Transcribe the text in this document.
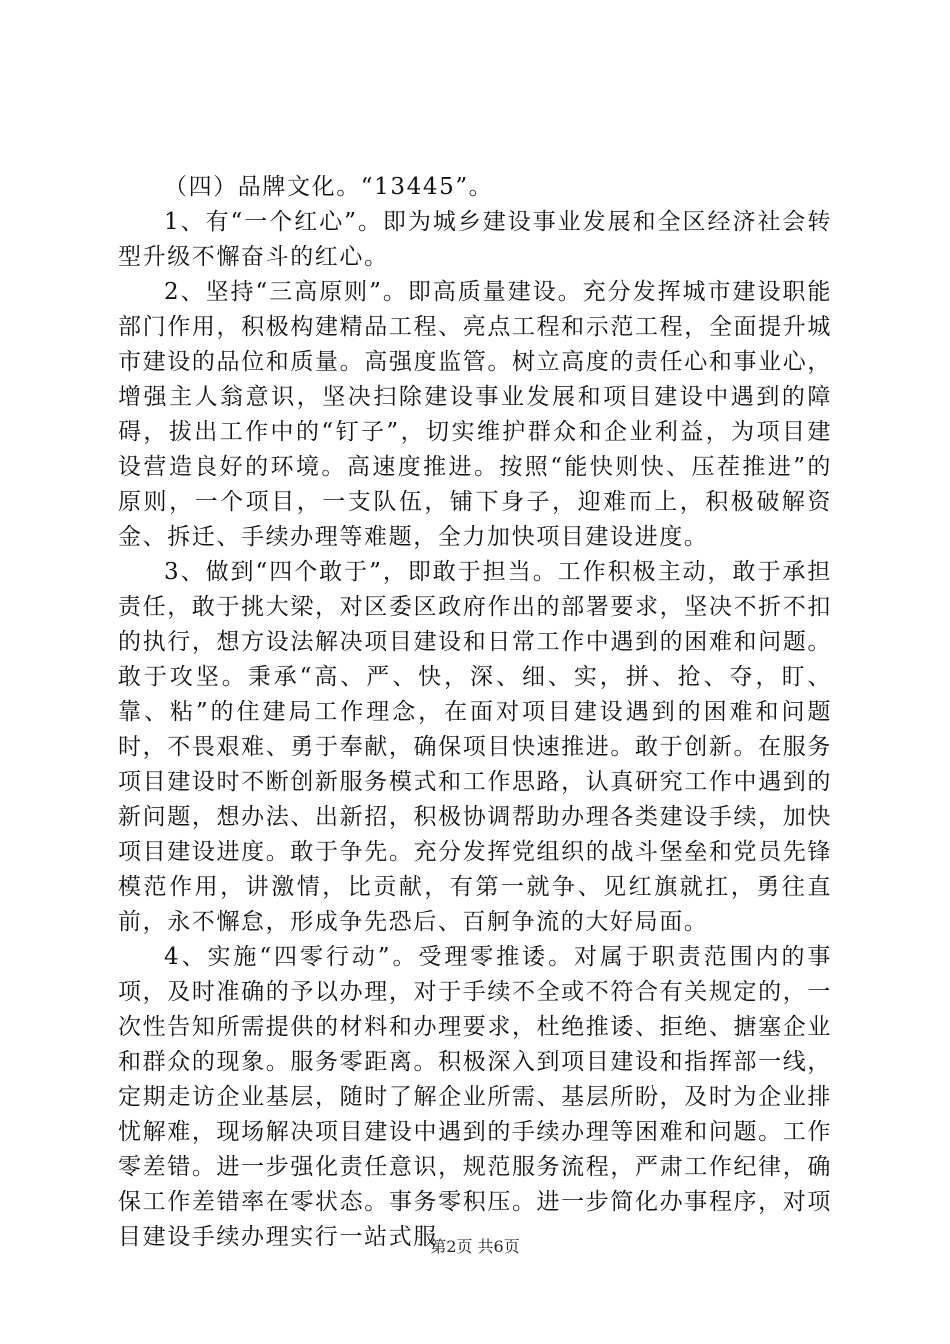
（四）品牌文化。“13445”。

1、有“一个红心”。即为城乡建设事业发展和全区经济社会转型升级不懈奋斗的红心。

2、坚持“三高原则”。即高质量建设。充分发挥城市建设职能部门作用，积极构建精品工程、亮点工程和示范工程，全面提升城市建设的品位和质量。高强度监管。树立高度的责任心和事业心，增强主人翁意识，坚决扫除建设事业发展和项目建设中遇到的障碍，拔出工作中的“钉子”，切实维护群众和企业利益，为项目建设营造良好的环境。高速度推进。按照“能快则快、压茬推进”的原则，一个项目，一支队伍，铺下身子，迎难而上，积极破解资金、拆迁、手续办理等难题，全力加快项目建设进度。

3、做到“四个敢于”，即敢于担当。工作积极主动，敢于承担责任，敢于挑大梁，对区委区政府作出的部署要求，坚决不折不扣的执行，想方设法解决项目建设和日常工作中遇到的困难和问题。敢于攻坚。秉承“高、严、快，深、细、实，拼、抢、夺，盯、靠、粘”的住建局工作理念，在面对项目建设遇到的困难和问题时，不畏艰难、勇于奉献，确保项目快速推进。敢于创新。在服务项目建设时不断创新服务模式和工作思路，认真研究工作中遇到的新问题，想办法、出新招，积极协调帮助办理各类建设手续，加快项目建设进度。敢于争先。充分发挥党组织的战斗堡垒和党员先锋模范作用，讲激情，比贡献，有第一就争、见红旗就扛，勇往直前，永不懈怠，形成争先恐后、百舸争流的大好局面。

4、实施“四零行动”。受理零推诿。对属于职责范围内的事项，及时准确的予以办理，对于手续不全或不符合有关规定的，一次性告知所需提供的材料和办理要求，杜绝推诿、拒绝、搪塞企业和群众的现象。服务零距离。积极深入到项目建设和指挥部一线，定期走访企业基层，随时了解企业所需、基层所盼，及时为企业排忧解难，现场解决项目建设中遇到的手续办理等困难和问题。工作零差错。进一步强化责任意识，规范服务流程，严肃工作纪律，确保工作差错率在零状态。事务零积压。进一步简化办事程序，对项目建设手续办理实行一站式服

第2页 共6页
